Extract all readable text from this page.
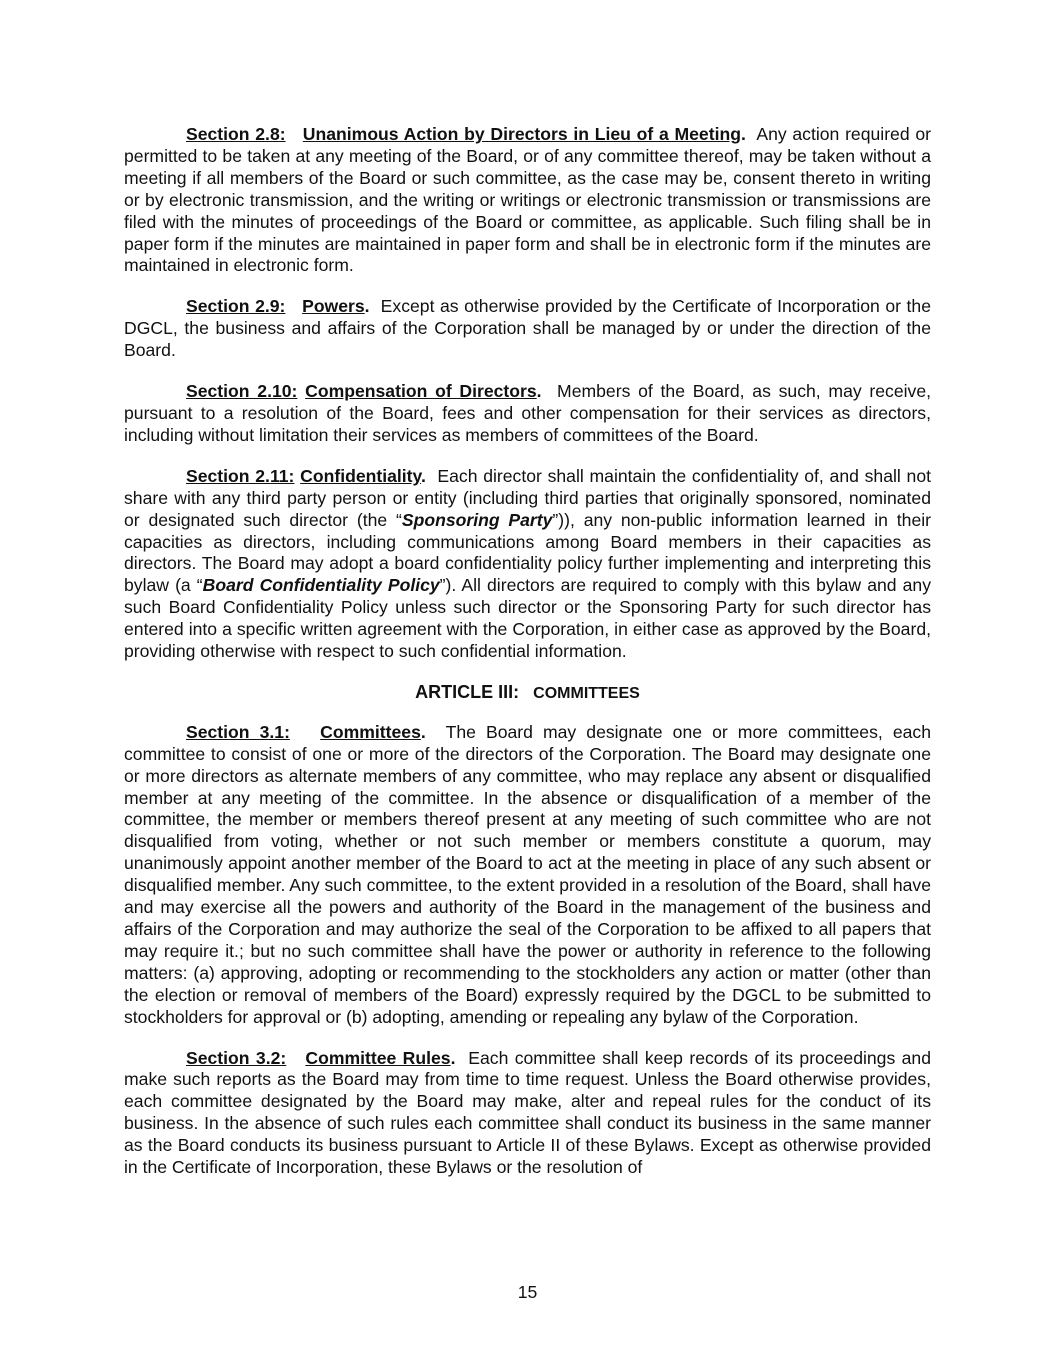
Section 2.8: Unanimous Action by Directors in Lieu of a Meeting. Any action required or permitted to be taken at any meeting of the Board, or of any committee thereof, may be taken without a meeting if all members of the Board or such committee, as the case may be, consent thereto in writing or by electronic transmission, and the writing or writings or electronic transmission or transmissions are filed with the minutes of proceedings of the Board or committee, as applicable. Such filing shall be in paper form if the minutes are maintained in paper form and shall be in electronic form if the minutes are maintained in electronic form.

Section 2.9: Powers. Except as otherwise provided by the Certificate of Incorporation or the DGCL, the business and affairs of the Corporation shall be managed by or under the direction of the Board.

Section 2.10: Compensation of Directors. Members of the Board, as such, may receive, pursuant to a resolution of the Board, fees and other compensation for their services as directors, including without limitation their services as members of committees of the Board.

Section 2.11: Confidentiality. Each director shall maintain the confidentiality of, and shall not share with any third party person or entity (including third parties that originally sponsored, nominated or designated such director (the “Sponsoring Party”)), any non-public information learned in their capacities as directors, including communications among Board members in their capacities as directors. The Board may adopt a board confidentiality policy further implementing and interpreting this bylaw (a “Board Confidentiality Policy”). All directors are required to comply with this bylaw and any such Board Confidentiality Policy unless such director or the Sponsoring Party for such director has entered into a specific written agreement with the Corporation, in either case as approved by the Board, providing otherwise with respect to such confidential information.

ARTICLE III: COMMITTEES

Section 3.1: Committees. The Board may designate one or more committees, each committee to consist of one or more of the directors of the Corporation. The Board may designate one or more directors as alternate members of any committee, who may replace any absent or disqualified member at any meeting of the committee. In the absence or disqualification of a member of the committee, the member or members thereof present at any meeting of such committee who are not disqualified from voting, whether or not such member or members constitute a quorum, may unanimously appoint another member of the Board to act at the meeting in place of any such absent or disqualified member. Any such committee, to the extent provided in a resolution of the Board, shall have and may exercise all the powers and authority of the Board in the management of the business and affairs of the Corporation and may authorize the seal of the Corporation to be affixed to all papers that may require it.; but no such committee shall have the power or authority in reference to the following matters: (a) approving, adopting or recommending to the stockholders any action or matter (other than the election or removal of members of the Board) expressly required by the DGCL to be submitted to stockholders for approval or (b) adopting, amending or repealing any bylaw of the Corporation.

Section 3.2: Committee Rules. Each committee shall keep records of its proceedings and make such reports as the Board may from time to time request. Unless the Board otherwise provides, each committee designated by the Board may make, alter and repeal rules for the conduct of its business. In the absence of such rules each committee shall conduct its business in the same manner as the Board conducts its business pursuant to Article II of these Bylaws. Except as otherwise provided in the Certificate of Incorporation, these Bylaws or the resolution of

15
